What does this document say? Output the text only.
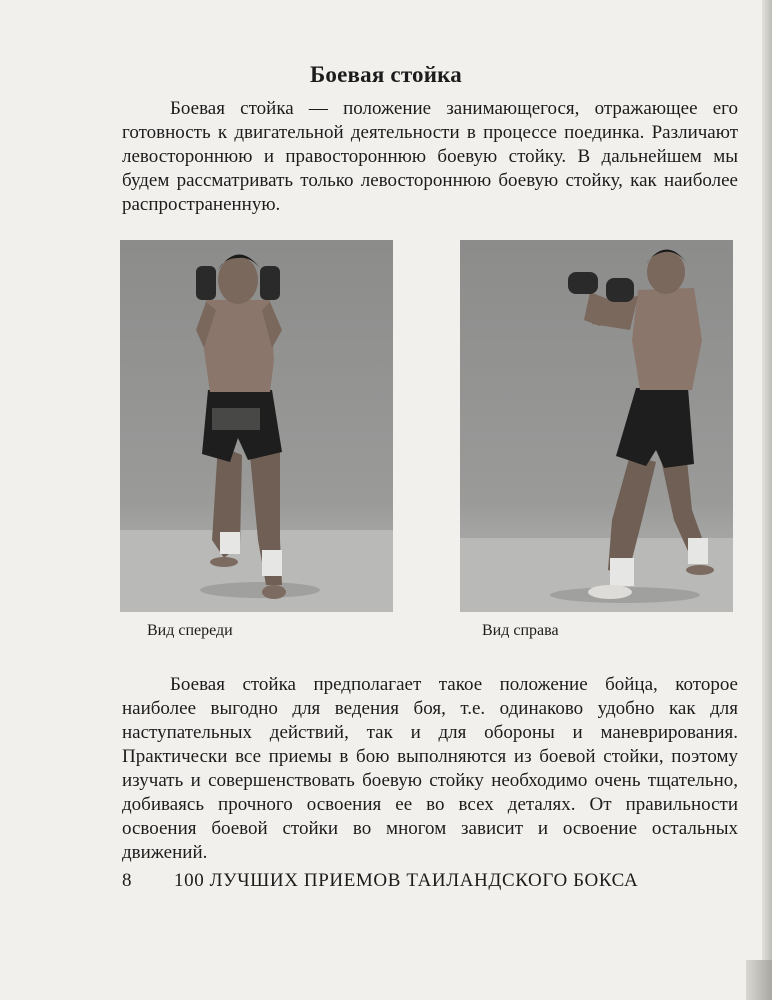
Боевая стойка
Боевая стойка — положение занимающегося, отражающее его готовность к двигательной деятельности в процессе поединка. Различают левостороннюю и правостороннюю боевую стойку. В дальнейшем мы будем рассматривать только левостороннюю боевую стойку, как наиболее распространенную.
Вид спереди	Вид справа
Боевая стойка предполагает такое положение бойца, которое наиболее выгодно для ведения боя, т.е. одинаково удобно как для наступательных действий, так и для обороны и маневрирования. Практически все приемы в бою выполняются из боевой стойки, поэтому изучать и совершенствовать боевую стойку необходимо очень тщательно, добиваясь прочного освоения ее во всех деталях. От правильности освоения боевой стойки во многом зависит и освоение остальных движений.
8 100 ЛУЧШИХ ПРИЕМОВ ТАИЛАНДСКОГО БОКСА
